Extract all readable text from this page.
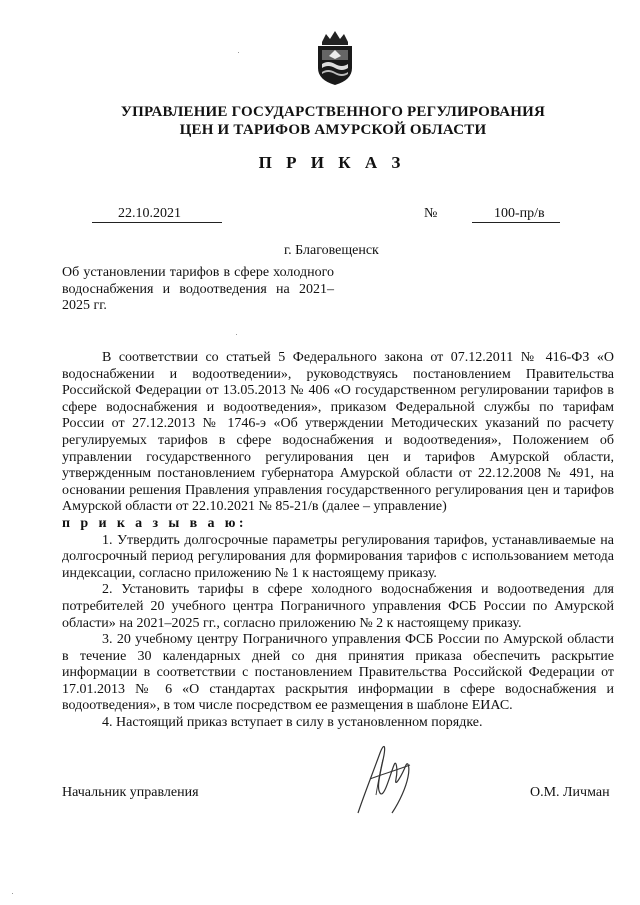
УПРАВЛЕНИЕ ГОСУДАРСТВЕННОГО РЕГУЛИРОВАНИЯ
ЦЕН И ТАРИФОВ АМУРСКОЙ ОБЛАСТИ
П Р И К А З
22.10.2021	№	100-пр/в
г. Благовещенск
Об установлении тарифов в сфере холодного водоснабжения и водоотведения на 2021–2025 гг.

В соответствии со статьей 5 Федерального закона от 07.12.2011 № 416-ФЗ «О водоснабжении и водоотведении», руководствуясь постановлением Правительства Российской Федерации от 13.05.2013 № 406 «О государственном регулировании тарифов в сфере водоснабжения и водоотведения», приказом Федеральной службы по тарифам России от 27.12.2013 № 1746-э «Об утверждении Методических указаний по расчету регулируемых тарифов в сфере водоснабжения и водоотведения», Положением об управлении государственного регулирования цен и тарифов Амурской области, утвержденным постановлением губернатора Амурской области от 22.12.2008 № 491, на основании решения Правления управления государственного регулирования цен и тарифов Амурской области от 22.10.2021 № 85-21/в (далее – управление)

п р и к а з ы в а ю:

1. Утвердить долгосрочные параметры регулирования тарифов, устанавливаемые на долгосрочный период регулирования для формирования тарифов с использованием метода индексации, согласно приложению № 1 к настоящему приказу.

2. Установить тарифы в сфере холодного водоснабжения и водоотведения для потребителей 20 учебного центра Пограничного управления ФСБ России по Амурской области» на 2021–2025 гг., согласно приложению № 2 к настоящему приказу.

3. 20 учебному центру Пограничного управления ФСБ России по Амурской области в течение 30 календарных дней со дня принятия приказа обеспечить раскрытие информации в соответствии с постановлением Правительства Российской Федерации от 17.01.2013 № 6 «О стандартах раскрытия информации в сфере водоснабжения и водоотведения», в том числе посредством ее размещения в шаблоне ЕИАС.

4. Настоящий приказ вступает в силу в установленном порядке.

Начальник управления	О.М. Личман
